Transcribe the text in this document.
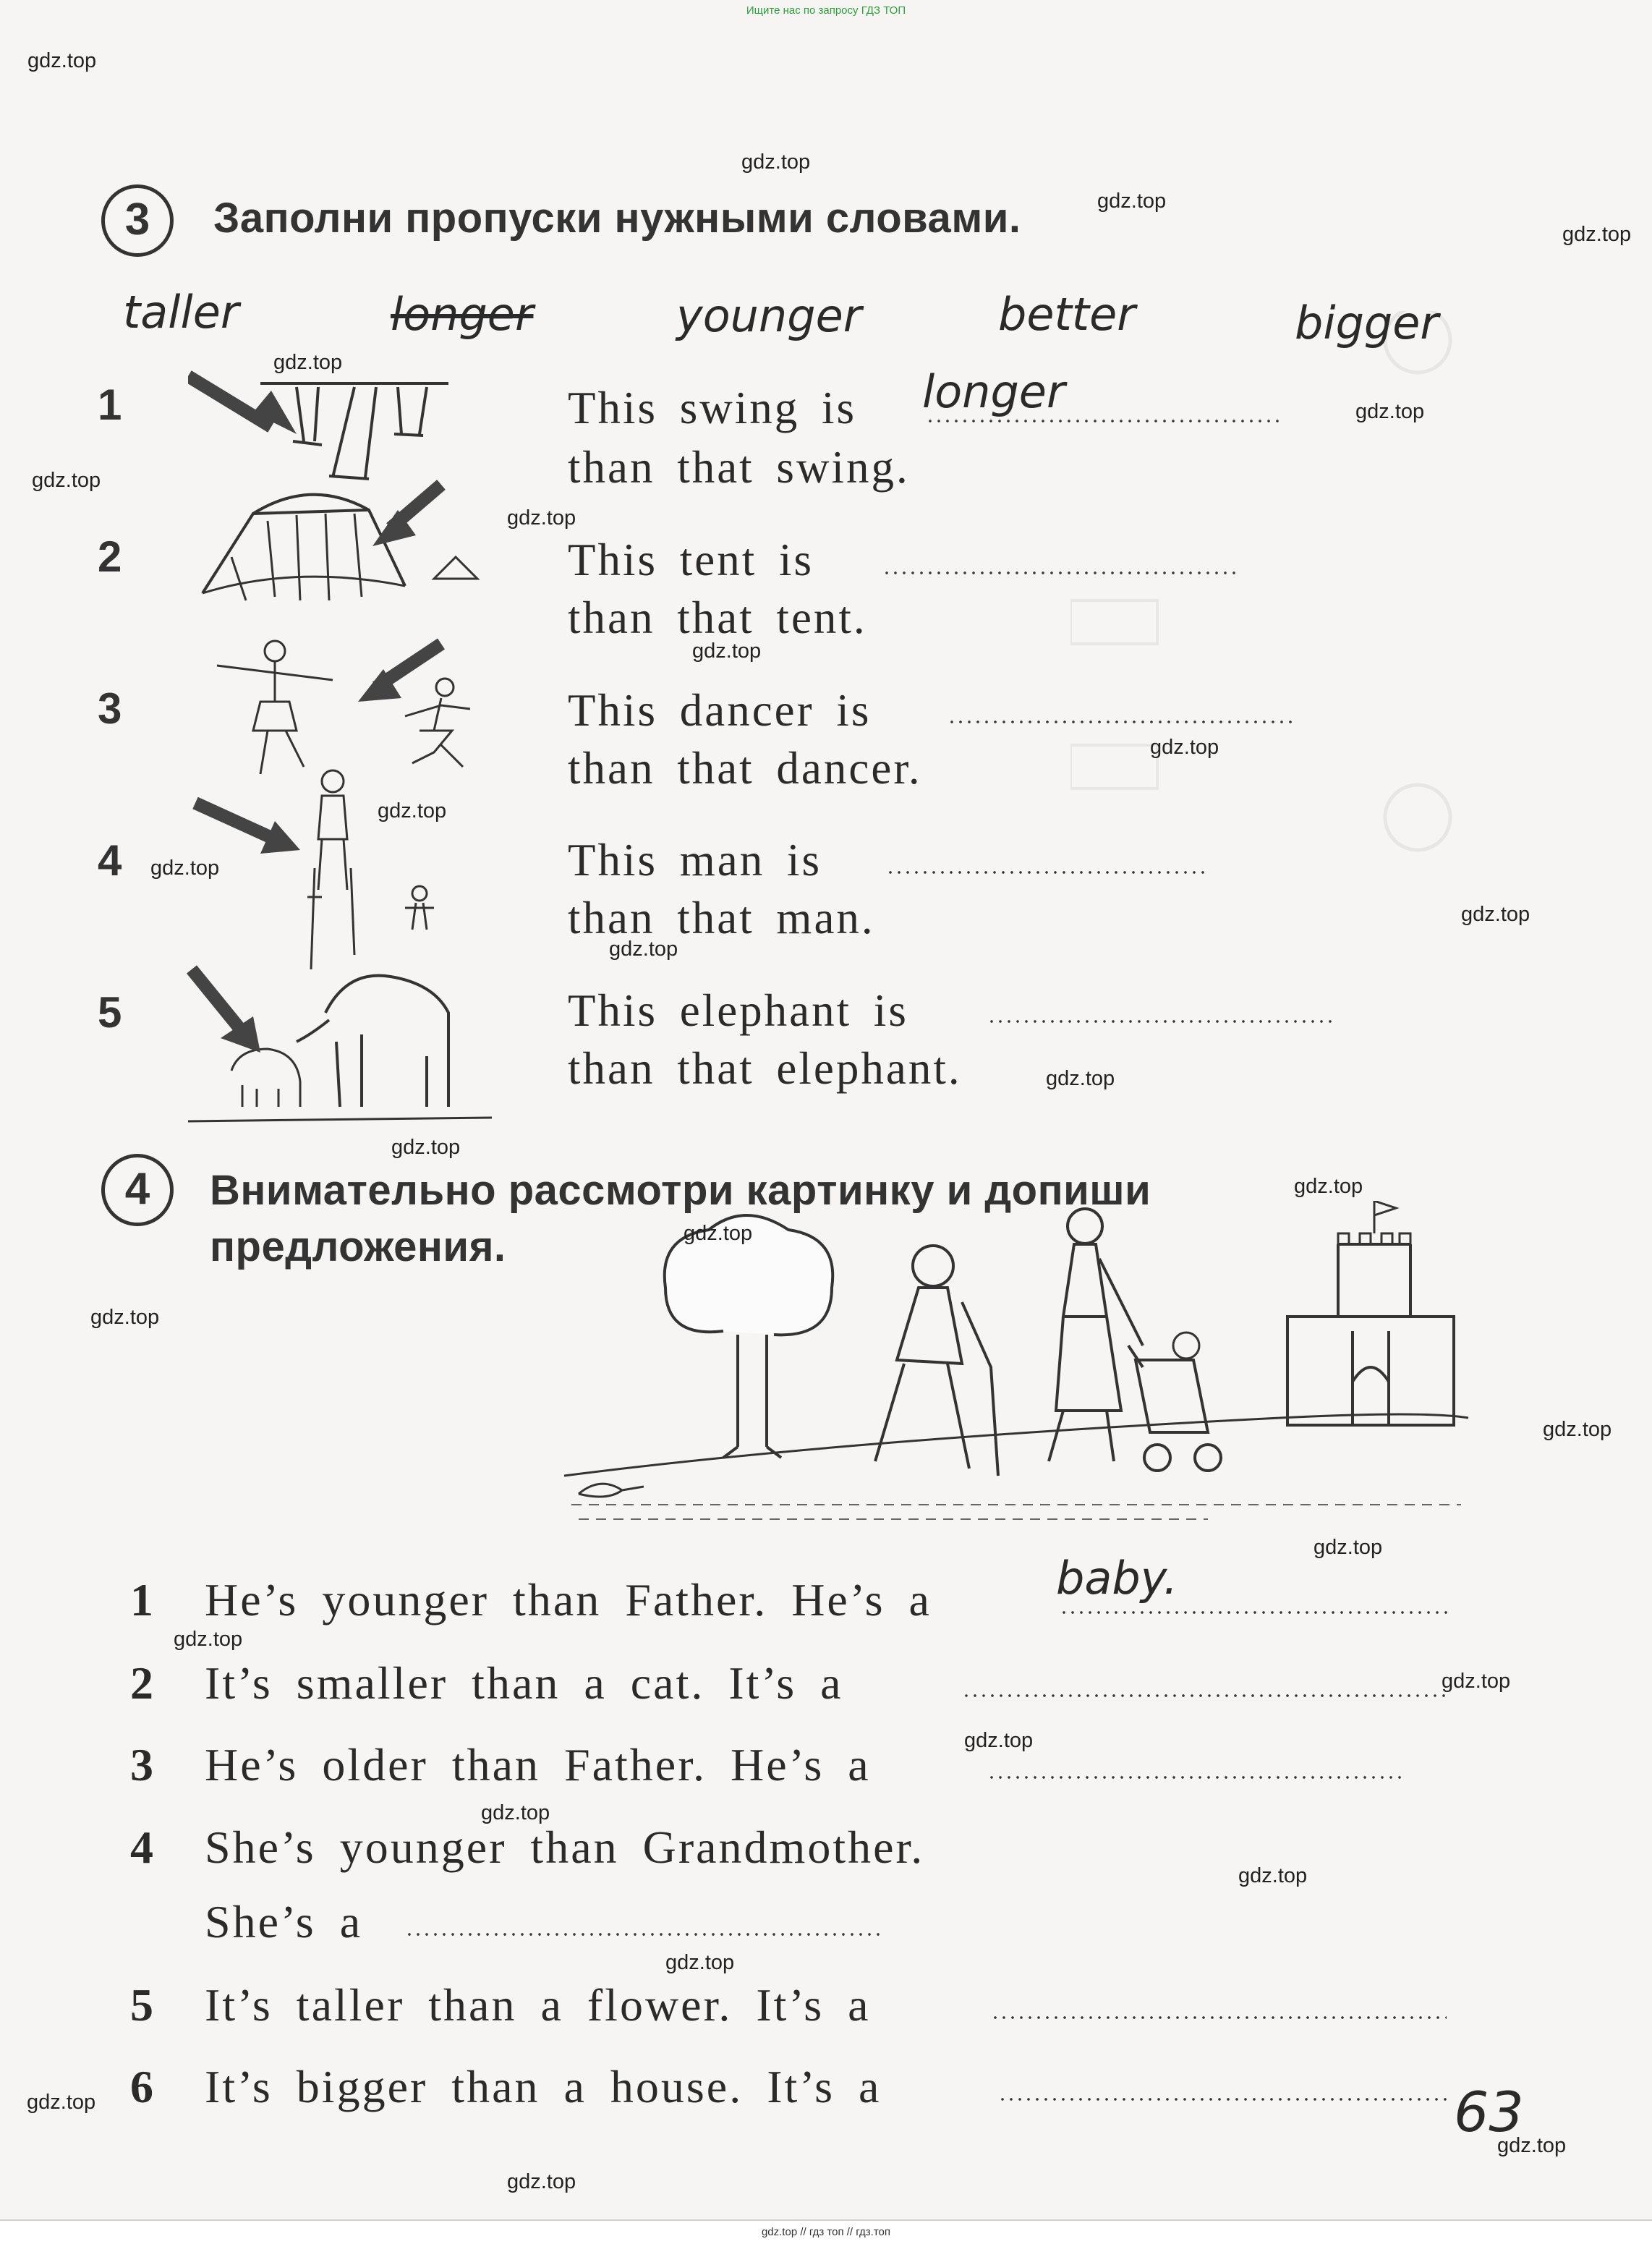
Ищите нас по запросу ГДЗ ТОП
gdz.top // гдз топ // гдз.топ
3	Заполни пропуски нужными словами.
taller	longer	younger	better	bigger
1
2
3
4
5
This swing is longer
than that swing.
This tent is
than that tent.
This dancer is
than that dancer.
This man is
than that man.
This elephant is
than that elephant.
4	Внимательно рассмотри картинку и допиши
предложения.
1 He’s younger than Father. He’s a	baby.
2 It’s smaller than a cat. It’s a
3 He’s older than Father. He’s a
4 She’s younger than Grandmother.
She’s a
5 It’s taller than a flower. It’s a
6 It’s bigger than a house. It’s a	63
gdz.top
gdz.top
gdz.top
gdz.top
gdz.top
gdz.top
gdz.top
gdz.top
gdz.top
gdz.top
gdz.top
gdz.top
gdz.top
gdz.top
gdz.top
gdz.top
gdz.top
gdz.top
gdz.top
gdz.top
gdz.top
gdz.top
gdz.top
gdz.top
gdz.top
gdz.top
gdz.top
gdz.top
gdz.top
gdz.top
